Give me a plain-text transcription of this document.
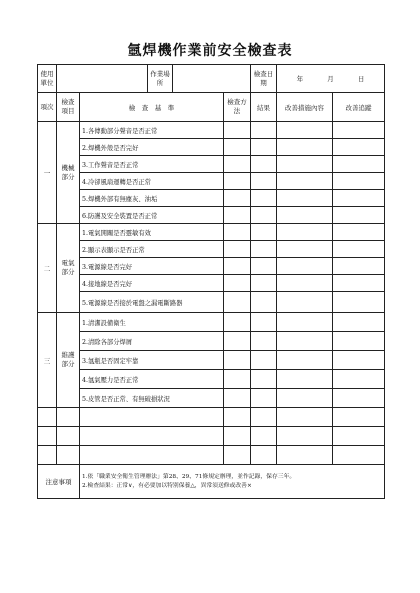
氬焊機作業前安全檢查表
使用單位			作業場所			檢查日期	年 月 日	
項次	檢查項目	檢　查　基　準			檢查方法	結果	改善措施內容	改善追蹤
一	機械部分	1.各傳動部分聲音是否正常						
		2.焊機外殼是否完好						
		3.工作聲音是否正常						
		4.冷卻風扇運轉是否正常						
		5.焊機外部有無塵灰、油垢						
		6.防護及安全裝置是否正常						
二	電氣部分	1.電氣開關是否靈敏有效						
		2.顯示表顯示是否正常						
		3.電源線是否完好						
		4.接地線是否完好						
		5.電源線是否接於電盤之漏電斷路器						
三	維護部分	1.清潔設備衛生						
		2.清除各部分焊屑						
		3.氬瓶是否固定牢靠						
		4.氬氣壓力是否正常						
		5.皮管是否正常、有無破損狀況						

注意事項		1.依「職業安全衛生管理辦法」第28、29、71條規定辦理，並作記錄，保存三年。
2.檢查結果：正常∨，有必要加以特別保養△，異常須送修或改善×						
